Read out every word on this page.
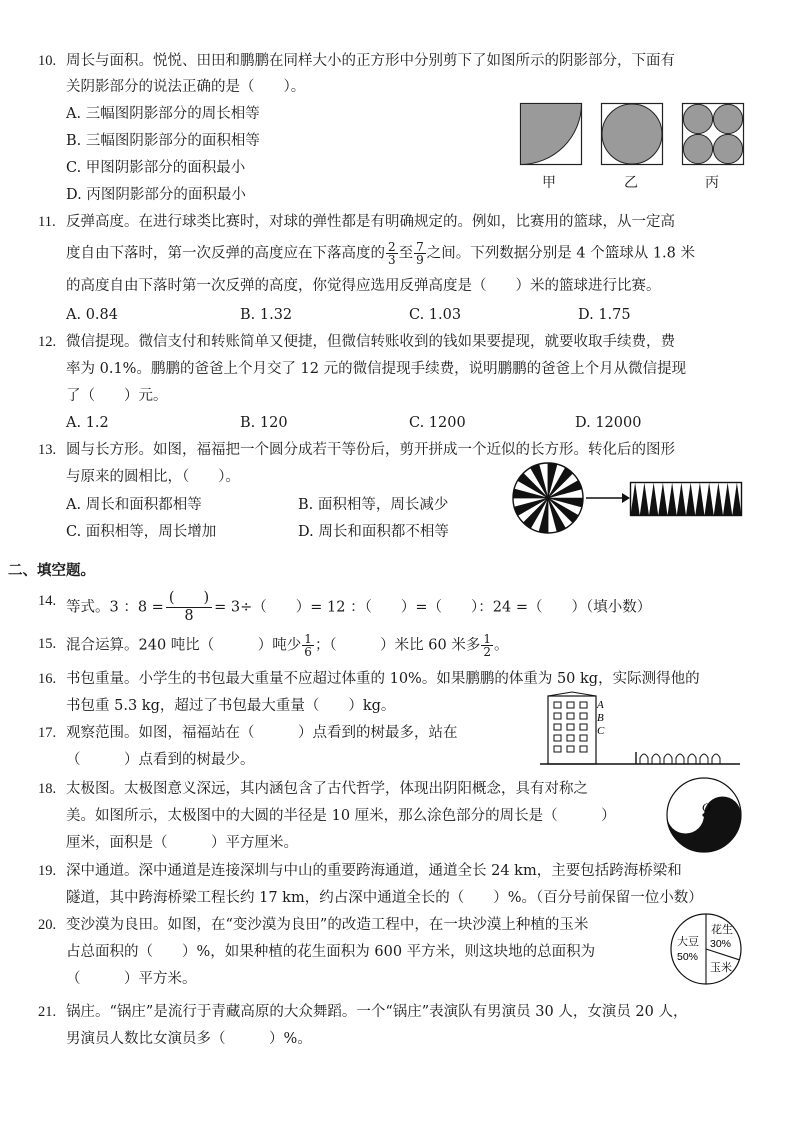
10. 周长与面积。悦悦、田田和鹏鹏在同样大小的正方形中分别剪下了如图所示的阴影部分，下面有
关阴影部分的说法正确的是（　　）。
A. 三幅图阴影部分的周长相等
B. 三幅图阴影部分的面积相等
C. 甲图阴影部分的面积最小
D. 丙图阴影部分的面积最小
甲	乙	丙
11. 反弹高度。在进行球类比赛时，对球的弹性都是有明确规定的。例如，比赛用的篮球，从一定高
度自由下落时，第一次反弹的高度应在下落高度的 $\frac{2}{3}$ 至 $\frac{7}{9}$ 之间。下列数据分别是 4 个篮球从 1.8 米
的高度自由下落时第一次反弹的高度，你觉得应选用反弹高度是（　　）米的篮球进行比赛。
A. 0.84	B. 1.32	C. 1.03	D. 1.75
12. 微信提现。微信支付和转账简单又便捷，但微信转账收到的钱如果要提现，就要收取手续费，费
率为 0.1%。鹏鹏的爸爸上个月交了 12 元的微信提现手续费，说明鹏鹏的爸爸上个月从微信提现
了（　　）元。
A. 1.2	B. 120	C. 1200	D. 12000
13. 圆与长方形。如图，福福把一个圆分成若干等份后，剪开拼成一个近似的长方形。转化后的图形
与原来的圆相比，（　　）。
A. 周长和面积都相等	B. 面积相等，周长减少
C. 面积相等，周长增加	D. 周长和面积都不相等
二、填空题。
14. 等式。3 ：$8 = \frac{( )}{8} = 3\div$（　　）= 12 ：（　　）=（　　）：24 =（　　）（填小数）
15. 混合运算。240 吨比（　　　）吨少 $\frac{1}{6}$ ；（　　　）米比 60 米多 $\frac{1}{2}$ 。
16. 书包重量。小学生的书包最大重量不应超过体重的 10%。如果鹏鹏的体重为 50 kg，实际测得他的
书包重 5.3 kg，超过了书包最大重量（　　）kg。
17. 观察范围。如图，福福站在（　　　）点看到的树最多，站在
（　　　）点看到的树最少。
A
B
C
18. 太极图。太极图意义深远，其内涵包含了古代哲学，体现出阴阳概念，具有对称之
美。如图所示，太极图中的大圆的半径是 10 厘米，那么涂色部分的周长是（　　　）
厘米，面积是（　　　）平方厘米。
O
19. 深中通道。深中通道是连接深圳与中山的重要跨海通道，通道全长 24 km，主要包括跨海桥梁和
隧道，其中跨海桥梁工程长约 17 km，约占深中通道全长的（　　）%。（百分号前保留一位小数）
20. 变沙漠为良田。如图，在“变沙漠为良田”的改造工程中，在一块沙漠上种植的玉米
占总面积的（　　）%，如果种植的花生面积为 600 平方米，则这块地的总面积为
（　　　）平方米。
大豆
50%
花生
30%
玉米
21. 锅庄。“锅庄”是流行于青藏高原的大众舞蹈。一个“锅庄”表演队有男演员 30 人，女演员 20 人，
男演员人数比女演员多（　　　）%。
